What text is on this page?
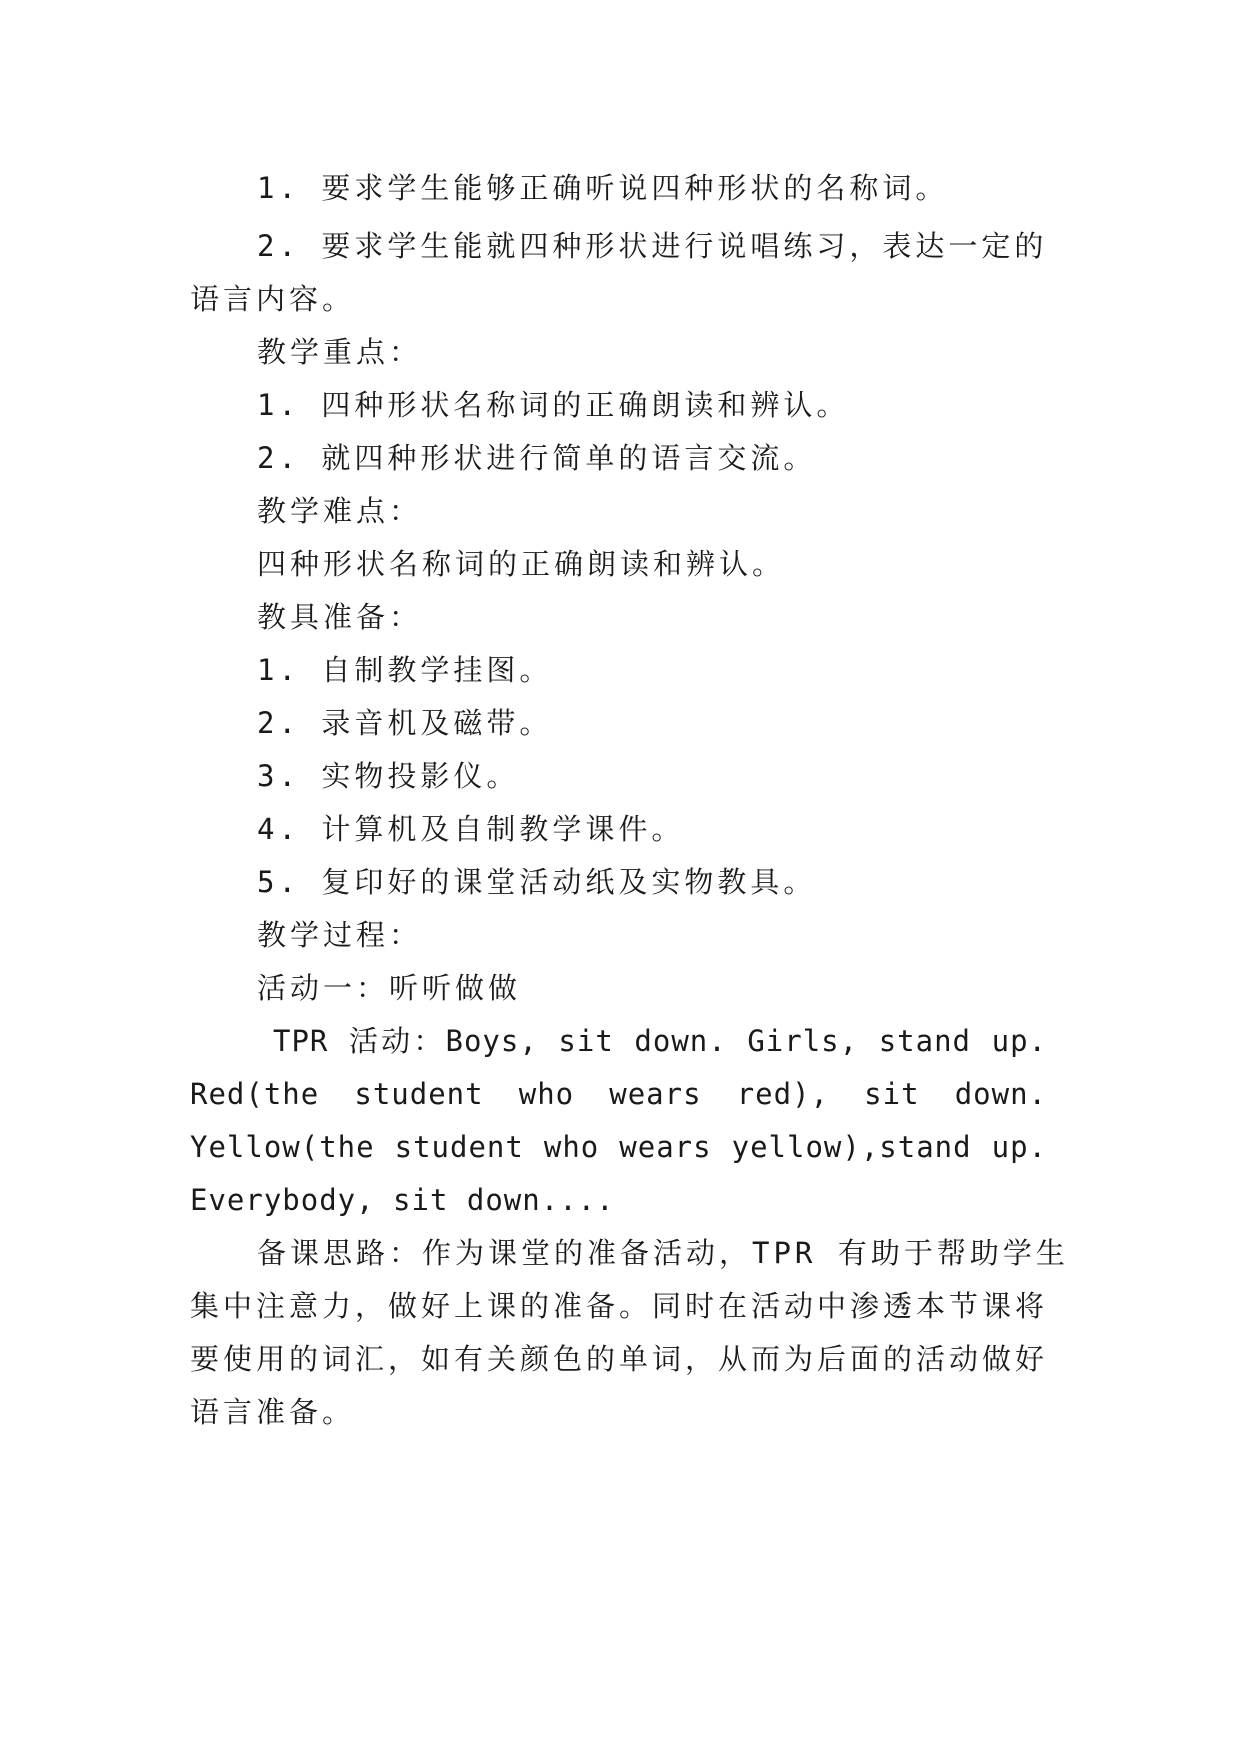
1. 要求学生能够正确听说四种形状的名称词。
2. 要求学生能就四种形状进行说唱练习，表达一定的
语言内容。
教学重点：
1. 四种形状名称词的正确朗读和辨认。
2. 就四种形状进行简单的语言交流。
教学难点：
四种形状名称词的正确朗读和辨认。
教具准备：
1. 自制教学挂图。
2. 录音机及磁带。
3. 实物投影仪。
4. 计算机及自制教学课件。
5. 复印好的课堂活动纸及实物教具。
教学过程：
活动一：听听做做
TPR 活动：Boys, sit down. Girls, stand up.
Red(the student who wears red), sit down.
Yellow(the student who wears yellow),stand up.
Everybody, sit down....
备课思路：作为课堂的准备活动，TPR 有助于帮助学生
集中注意力，做好上课的准备。同时在活动中渗透本节课将
要使用的词汇，如有关颜色的单词，从而为后面的活动做好
语言准备。
